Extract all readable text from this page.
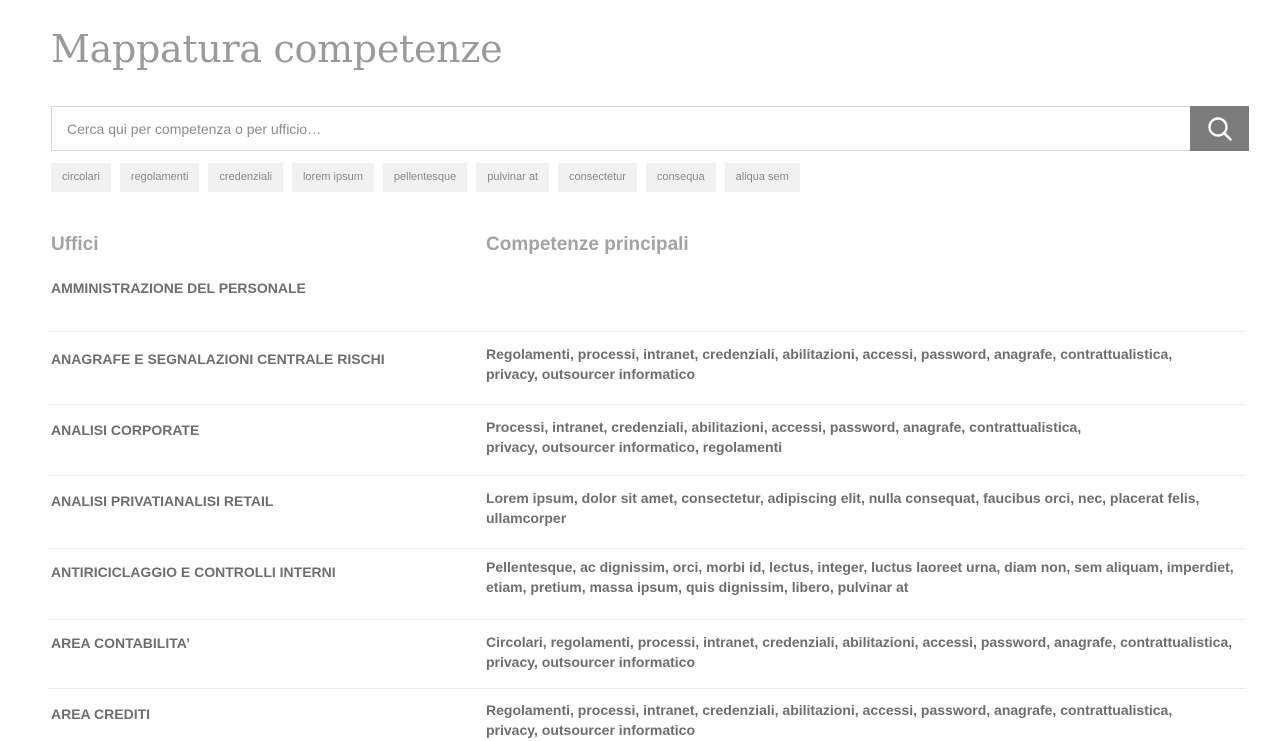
Mappatura competenze
Cerca qui per competenza o per ufficio…
circolari	regolamenti	credenziali	lorem ipsum	pellentesque	pulvinar at	consectetur	consequa	aliqua sem
Uffici	Competenze principali
AMMINISTRAZIONE DEL PERSONALE
ANAGRAFE E SEGNALAZIONI CENTRALE RISCHI	Regolamenti, processi, intranet, credenziali, abilitazioni, accessi, password, anagrafe, contrattualistica,
privacy, outsourcer informatico
ANALISI CORPORATE	Processi, intranet, credenziali, abilitazioni, accessi, password, anagrafe, contrattualistica,
privacy, outsourcer informatico, regolamenti
ANALISI PRIVATIANALISI RETAIL	Lorem ipsum, dolor sit amet, consectetur, adipiscing elit, nulla consequat, faucibus orci, nec, placerat felis,
ullamcorper
ANTIRICICLAGGIO E CONTROLLI INTERNI	Pellentesque, ac dignissim, orci, morbi id, lectus, integer, luctus laoreet urna, diam non, sem aliquam, imperdiet,
etiam, pretium, massa ipsum, quis dignissim, libero, pulvinar at
AREA CONTABILITA’	Circolari, regolamenti, processi, intranet, credenziali, abilitazioni, accessi, password, anagrafe, contrattualistica,
privacy, outsourcer informatico
AREA CREDITI	Regolamenti, processi, intranet, credenziali, abilitazioni, accessi, password, anagrafe, contrattualistica,
privacy, outsourcer informatico
